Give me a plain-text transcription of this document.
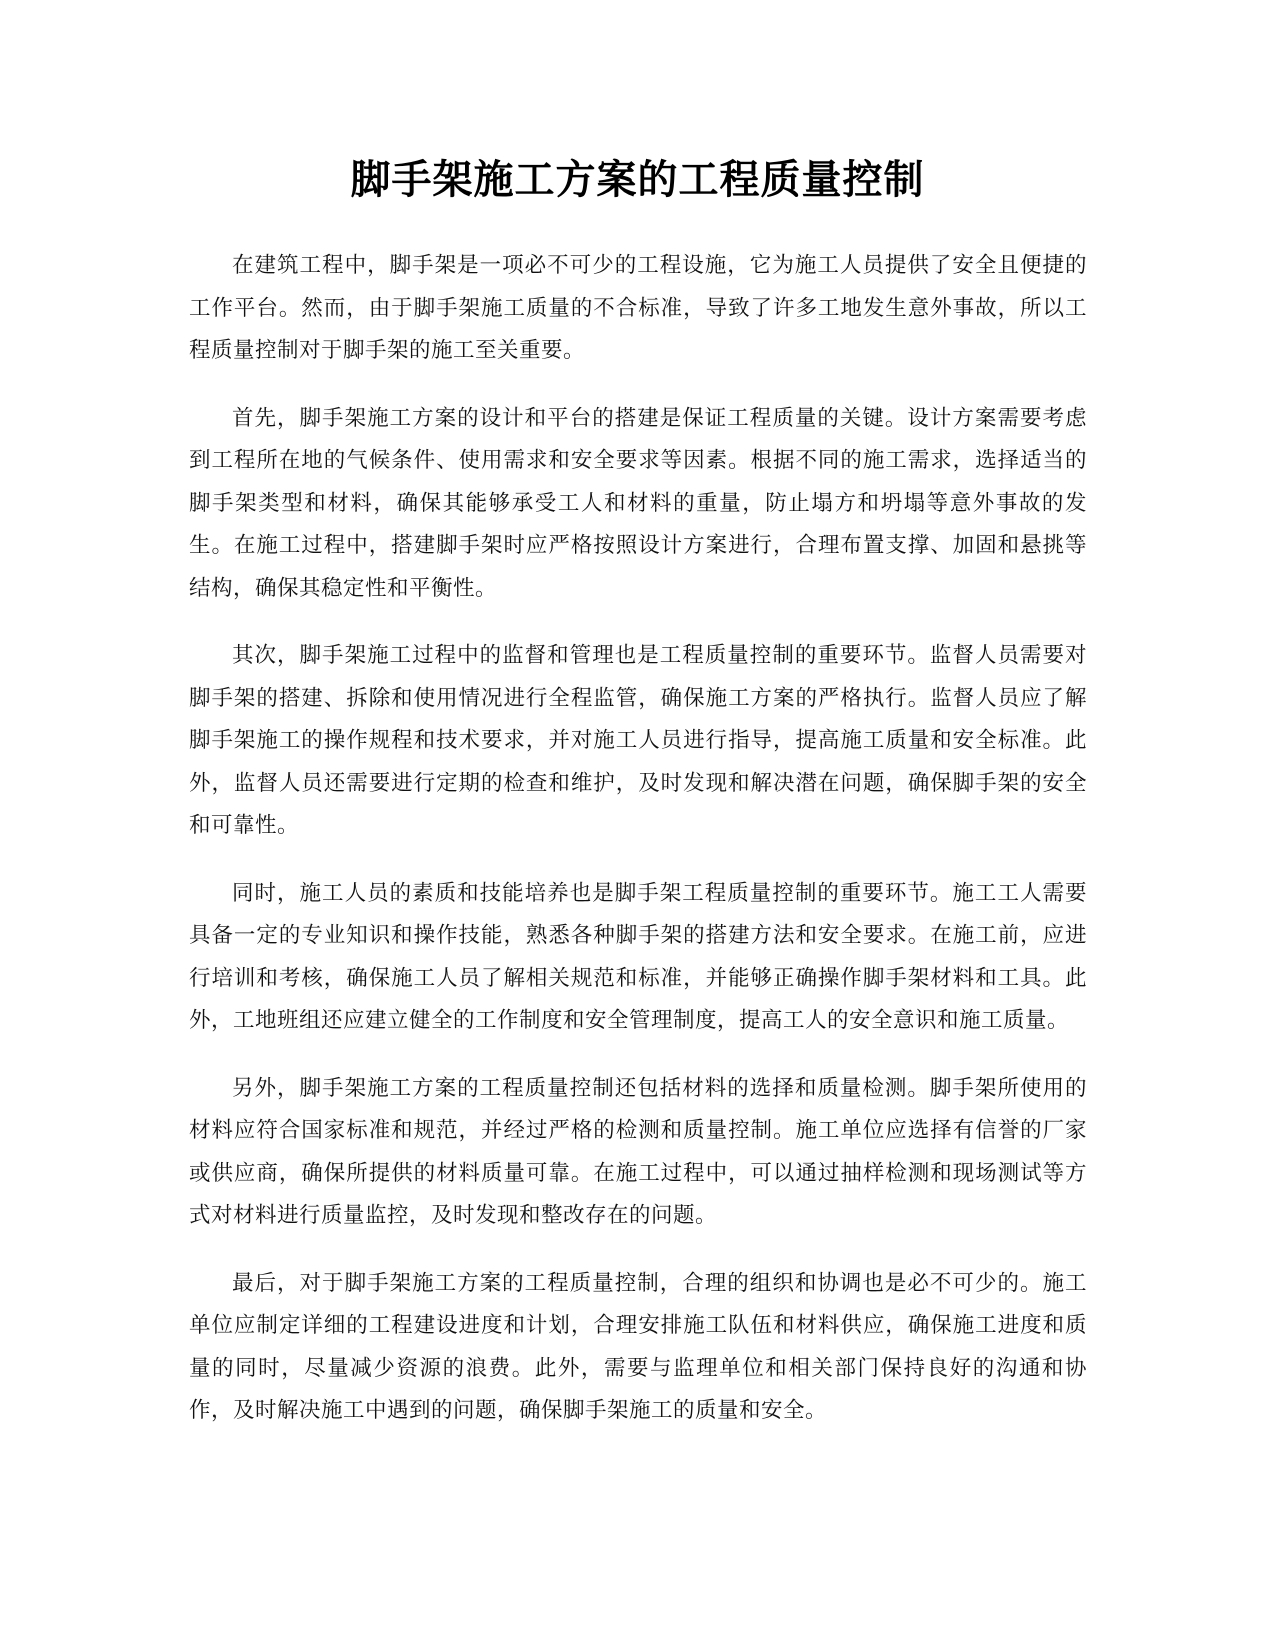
脚手架施工方案的工程质量控制

在建筑工程中，脚手架是一项必不可少的工程设施，它为施工人员提供了安全且便捷的工作平台。然而，由于脚手架施工质量的不合标准，导致了许多工地发生意外事故，所以工程质量控制对于脚手架的施工至关重要。

首先，脚手架施工方案的设计和平台的搭建是保证工程质量的关键。设计方案需要考虑到工程所在地的气候条件、使用需求和安全要求等因素。根据不同的施工需求，选择适当的脚手架类型和材料，确保其能够承受工人和材料的重量，防止塌方和坍塌等意外事故的发生。在施工过程中，搭建脚手架时应严格按照设计方案进行，合理布置支撑、加固和悬挑等结构，确保其稳定性和平衡性。

其次，脚手架施工过程中的监督和管理也是工程质量控制的重要环节。监督人员需要对脚手架的搭建、拆除和使用情况进行全程监管，确保施工方案的严格执行。监督人员应了解脚手架施工的操作规程和技术要求，并对施工人员进行指导，提高施工质量和安全标准。此外，监督人员还需要进行定期的检查和维护，及时发现和解决潜在问题，确保脚手架的安全和可靠性。

同时，施工人员的素质和技能培养也是脚手架工程质量控制的重要环节。施工工人需要具备一定的专业知识和操作技能，熟悉各种脚手架的搭建方法和安全要求。在施工前，应进行培训和考核，确保施工人员了解相关规范和标准，并能够正确操作脚手架材料和工具。此外，工地班组还应建立健全的工作制度和安全管理制度，提高工人的安全意识和施工质量。

另外，脚手架施工方案的工程质量控制还包括材料的选择和质量检测。脚手架所使用的材料应符合国家标准和规范，并经过严格的检测和质量控制。施工单位应选择有信誉的厂家或供应商，确保所提供的材料质量可靠。在施工过程中，可以通过抽样检测和现场测试等方式对材料进行质量监控，及时发现和整改存在的问题。

最后，对于脚手架施工方案的工程质量控制，合理的组织和协调也是必不可少的。施工单位应制定详细的工程建设进度和计划，合理安排施工队伍和材料供应，确保施工进度和质量的同时，尽量减少资源的浪费。此外，需要与监理单位和相关部门保持良好的沟通和协作，及时解决施工中遇到的问题，确保脚手架施工的质量和安全。
